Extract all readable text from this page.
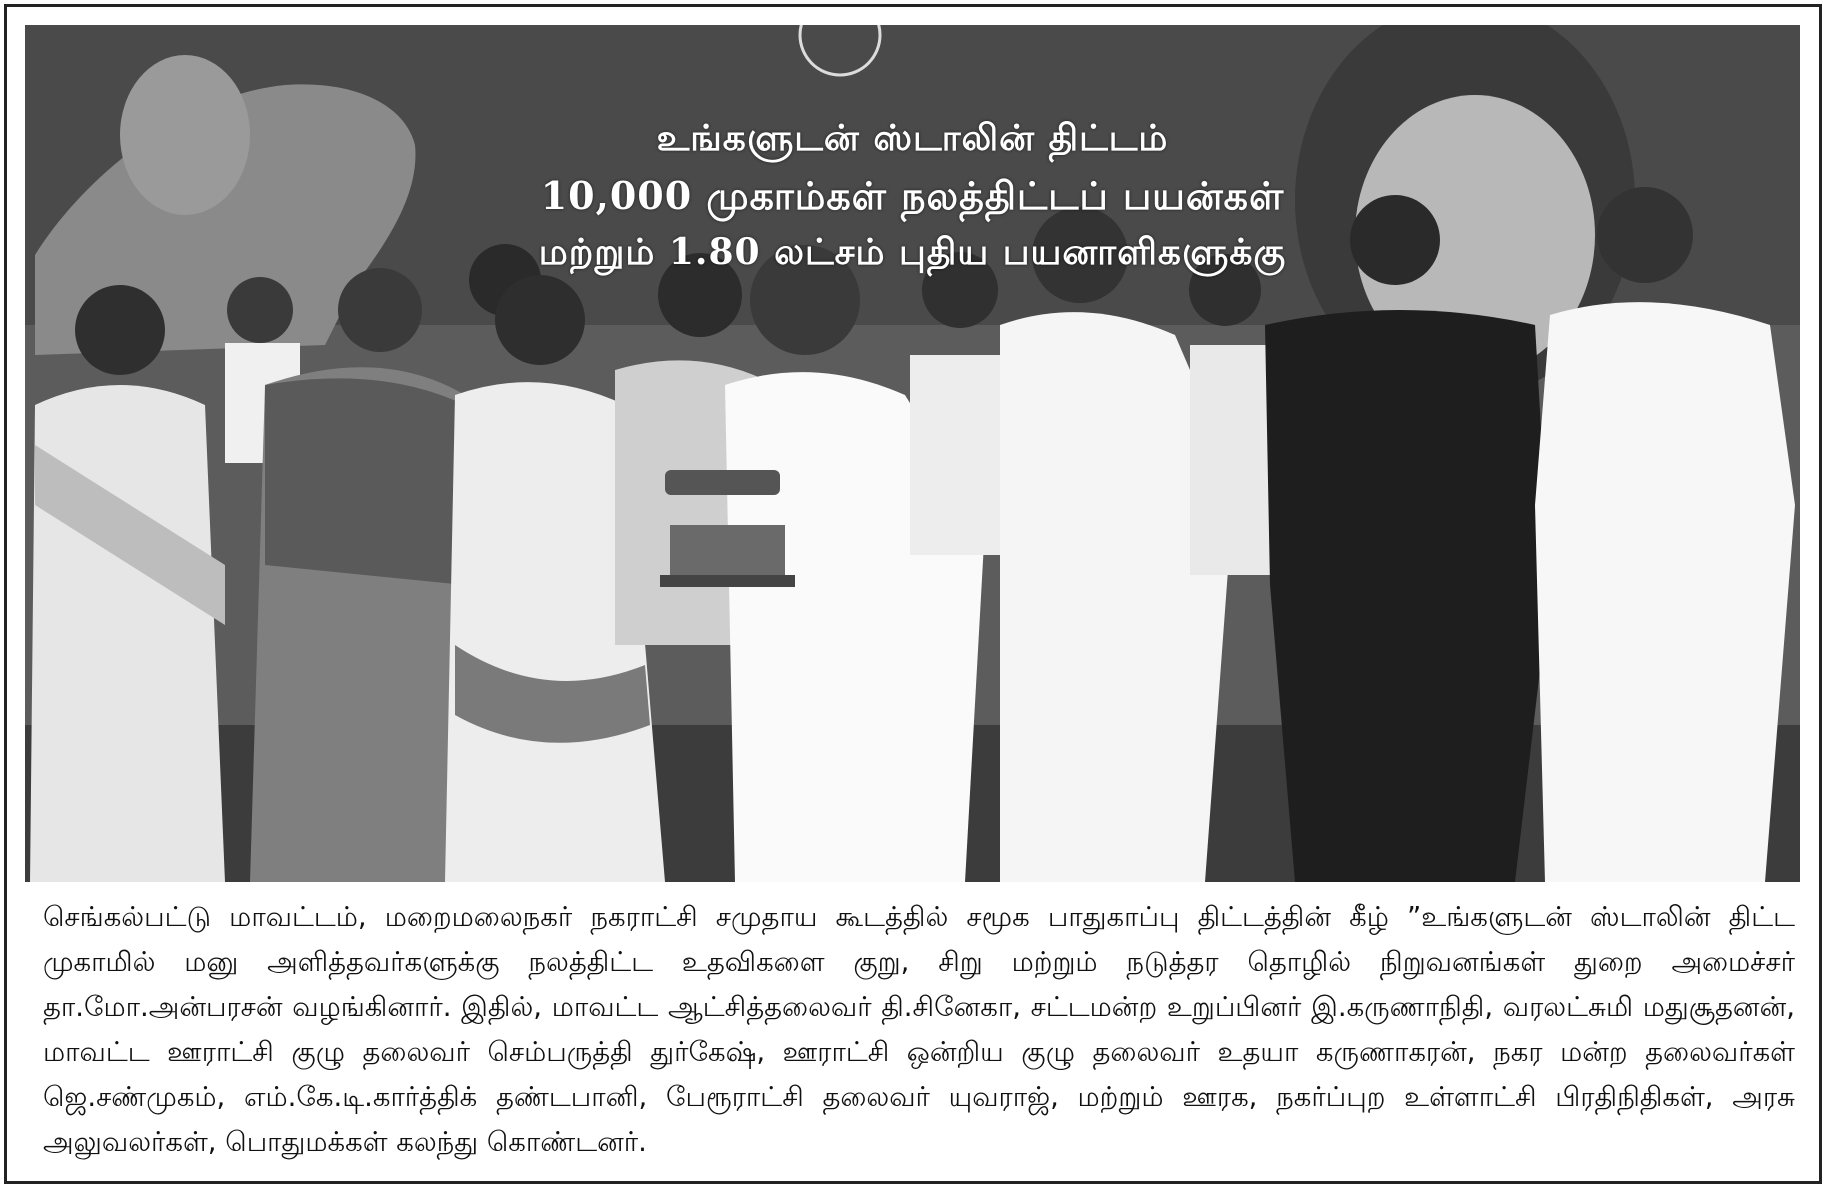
உங்களுடன் ஸ்டாலின் திட்டம்
10,000 முகாம்கள் நலத்திட்டப் பயன்கள்
மற்றும் 1.80 லட்சம் புதிய பயனாளிகளுக்கு
செங்கல்பட்டு மாவட்டம், மறைமலைநகர் நகராட்சி சமுதாய கூடத்தில் சமூக பாதுகாப்பு திட்டத்தின் கீழ் ”உங்களுடன் ஸ்டாலின் திட்ட முகாமில் மனு அளித்தவர்களுக்கு நலத்திட்ட உதவிகளை குறு, சிறு மற்றும் நடுத்தர தொழில் நிறுவனங்கள் துறை அமைச்சர் தா.மோ.அன்பரசன் வழங்கினார். இதில், மாவட்ட ஆட்சித்தலைவர் தி.சினேகா, சட்டமன்ற உறுப்பினர் இ.கருணாநிதி, வரலட்சுமி மதுசூதனன், மாவட்ட ஊராட்சி குழு தலைவர் செம்பருத்தி துர்கேஷ், ஊராட்சி ஒன்றிய குழு தலைவர் உதயா கருணாகரன், நகர மன்ற தலைவர்கள் ஜெ.சண்முகம், எம்.கே.டி.கார்த்திக் தண்டபானி, பேரூராட்சி தலைவர் யுவராஜ், மற்றும் ஊரக, நகர்ப்புற உள்ளாட்சி பிரதிநிதிகள், அரசு அலுவலர்கள், பொதுமக்கள் கலந்து கொண்டனர்.
